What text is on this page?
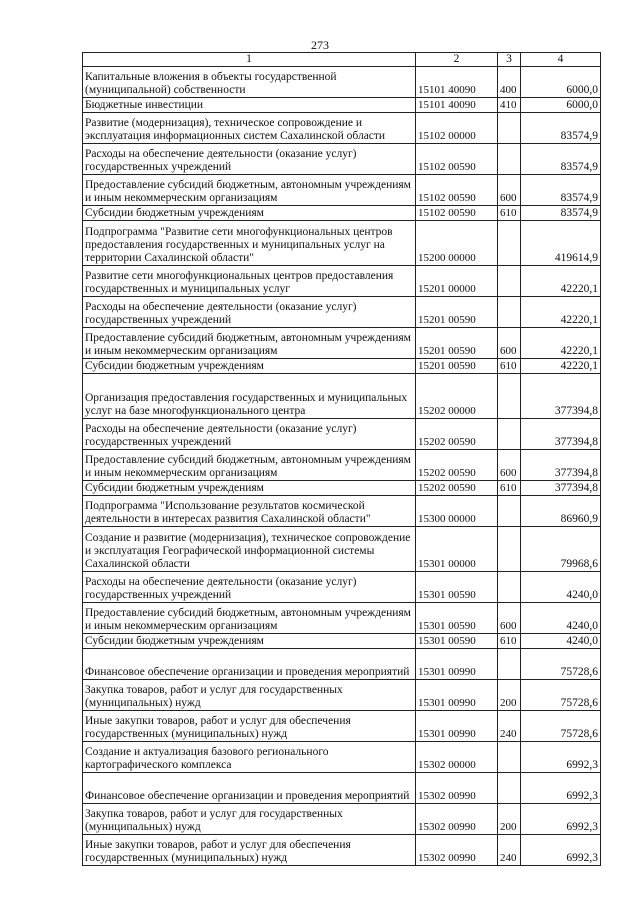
273
1	2	3	4
Капитальные вложения в объекты государственной (муниципальной) собственности	15101 40090	400	6000,0
Бюджетные инвестиции	15101 40090	410	6000,0
Развитие (модернизация), техническое сопровождение и эксплуатация информационных систем Сахалинской области	15102 00000		83574,9
Расходы на обеспечение деятельности (оказание услуг) государственных учреждений	15102 00590		83574,9
Предоставление субсидий бюджетным, автономным учреждениям и иным некоммерческим организациям	15102 00590	600	83574,9
Субсидии бюджетным учреждениям	15102 00590	610	83574,9
Подпрограмма "Развитие сети многофункциональных центров предоставления государственных и муниципальных услуг на территории Сахалинской области"	15200 00000		419614,9
Развитие сети многофункциональных центров предоставления государственных и муниципальных услуг	15201 00000		42220,1
Расходы на обеспечение деятельности (оказание услуг) государственных учреждений	15201 00590		42220,1
Предоставление субсидий бюджетным, автономным учреждениям и иным некоммерческим организациям	15201 00590	600	42220,1
Субсидии бюджетным учреждениям	15201 00590	610	42220,1
Организация предоставления государственных и муниципальных услуг на базе многофункционального центра	15202 00000		377394,8
Расходы на обеспечение деятельности (оказание услуг) государственных учреждений	15202 00590		377394,8
Предоставление субсидий бюджетным, автономным учреждениям и иным некоммерческим организациям	15202 00590	600	377394,8
Субсидии бюджетным учреждениям	15202 00590	610	377394,8
Подпрограмма "Использование результатов космической деятельности в интересах развития Сахалинской области"	15300 00000		86960,9
Создание и развитие (модернизация), техническое сопровождение и эксплуатация Географической информационной системы Сахалинской области	15301 00000		79968,6
Расходы на обеспечение деятельности (оказание услуг) государственных учреждений	15301 00590		4240,0
Предоставление субсидий бюджетным, автономным учреждениям и иным некоммерческим организациям	15301 00590	600	4240,0
Субсидии бюджетным учреждениям	15301 00590	610	4240,0
Финансовое обеспечение организации и проведения мероприятий	15301 00990		75728,6
Закупка товаров, работ и услуг для государственных (муниципальных) нужд	15301 00990	200	75728,6
Иные закупки товаров, работ и услуг для обеспечения государственных (муниципальных) нужд	15301 00990	240	75728,6
Создание и актуализация базового регионального картографического комплекса	15302 00000		6992,3
Финансовое обеспечение организации и проведения мероприятий	15302 00990		6992,3
Закупка товаров, работ и услуг для государственных (муниципальных) нужд	15302 00990	200	6992,3
Иные закупки товаров, работ и услуг для обеспечения государственных (муниципальных) нужд	15302 00990	240	6992,3
